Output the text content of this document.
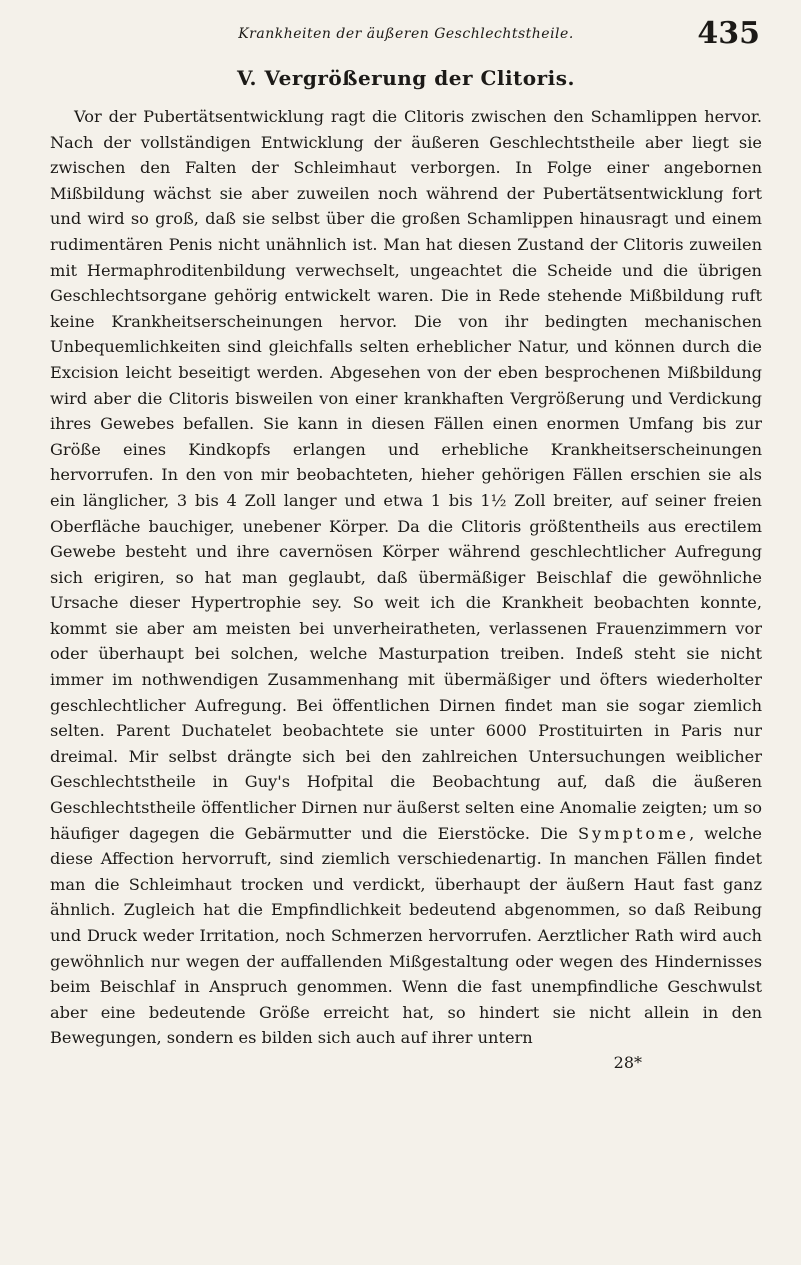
Krankheiten der äußeren Geschlechtstheile.	435
V. Vergrößerung der Clitoris.

Vor der Pubertätsentwicklung ragt die Clitoris zwischen den Schamlippen hervor. Nach der vollständigen Entwicklung der äußeren Geschlechtstheile aber liegt sie zwischen den Falten der Schleimhaut verborgen. In Folge einer angebornen Mißbildung wächst sie aber zuweilen noch während der Pubertätsentwicklung fort und wird so groß, daß sie selbst über die großen Schamlippen hinausragt und einem rudimentären Penis nicht unähnlich ist. Man hat diesen Zustand der Clitoris zuweilen mit Hermaphroditenbildung verwechselt, ungeachtet die Scheide und die übrigen Geschlechtsorgane gehörig entwickelt waren. Die in Rede stehende Mißbildung ruft keine Krankheitserscheinungen hervor. Die von ihr bedingten mechanischen Unbequemlichkeiten sind gleichfalls selten erheblicher Natur, und können durch die Excision leicht beseitigt werden. Abgesehen von der eben besprochenen Mißbildung wird aber die Clitoris bisweilen von einer krankhaften Vergrößerung und Verdickung ihres Gewebes befallen. Sie kann in diesen Fällen einen enormen Umfang bis zur Größe eines Kindkopfs erlangen und erhebliche Krankheitserscheinungen hervorrufen. In den von mir beobachteten, hieher gehörigen Fällen erschien sie als ein länglicher, 3 bis 4 Zoll langer und etwa 1 bis 1½ Zoll breiter, auf seiner freien Oberfläche bauchiger, unebener Körper. Da die Clitoris größtentheils aus erectilem Gewebe besteht und ihre cavernösen Körper während geschlechtlicher Aufregung sich erigiren, so hat man geglaubt, daß übermäßiger Beischlaf die gewöhnliche Ursache dieser Hypertrophie sey. So weit ich die Krankheit beobachten konnte, kommt sie aber am meisten bei unverheiratheten, verlassenen Frauenzimmern vor oder überhaupt bei solchen, welche Masturpation treiben. Indeß steht sie nicht immer im nothwendigen Zusammenhang mit übermäßiger und öfters wiederholter geschlechtlicher Aufregung. Bei öffentlichen Dirnen findet man sie sogar ziemlich selten. Parent Duchatelet beobachtete sie unter 6000 Prostituirten in Paris nur dreimal. Mir selbst drängte sich bei den zahlreichen Untersuchungen weiblicher Geschlechtstheile in Guy's Hofpital die Beobachtung auf, daß die äußeren Geschlechtstheile öffentlicher Dirnen nur äußerst selten eine Anomalie zeigten; um so häufiger dagegen die Gebärmutter und die Eierstöcke. Die Symptome, welche diese Affection hervorruft, sind ziemlich verschiedenartig. In manchen Fällen findet man die Schleimhaut trocken und verdickt, überhaupt der äußern Haut fast ganz ähnlich. Zugleich hat die Empfindlichkeit bedeutend abgenommen, so daß Reibung und Druck weder Irritation, noch Schmerzen hervorrufen. Aerztlicher Rath wird auch gewöhnlich nur wegen der auffallenden Mißgestaltung oder wegen des Hindernisses beim Beischlaf in Anspruch genommen. Wenn die fast unempfindliche Geschwulst aber eine bedeutende Größe erreicht hat, so hindert sie nicht allein in den Bewegungen, sondern es bilden sich auch auf ihrer untern

28*
